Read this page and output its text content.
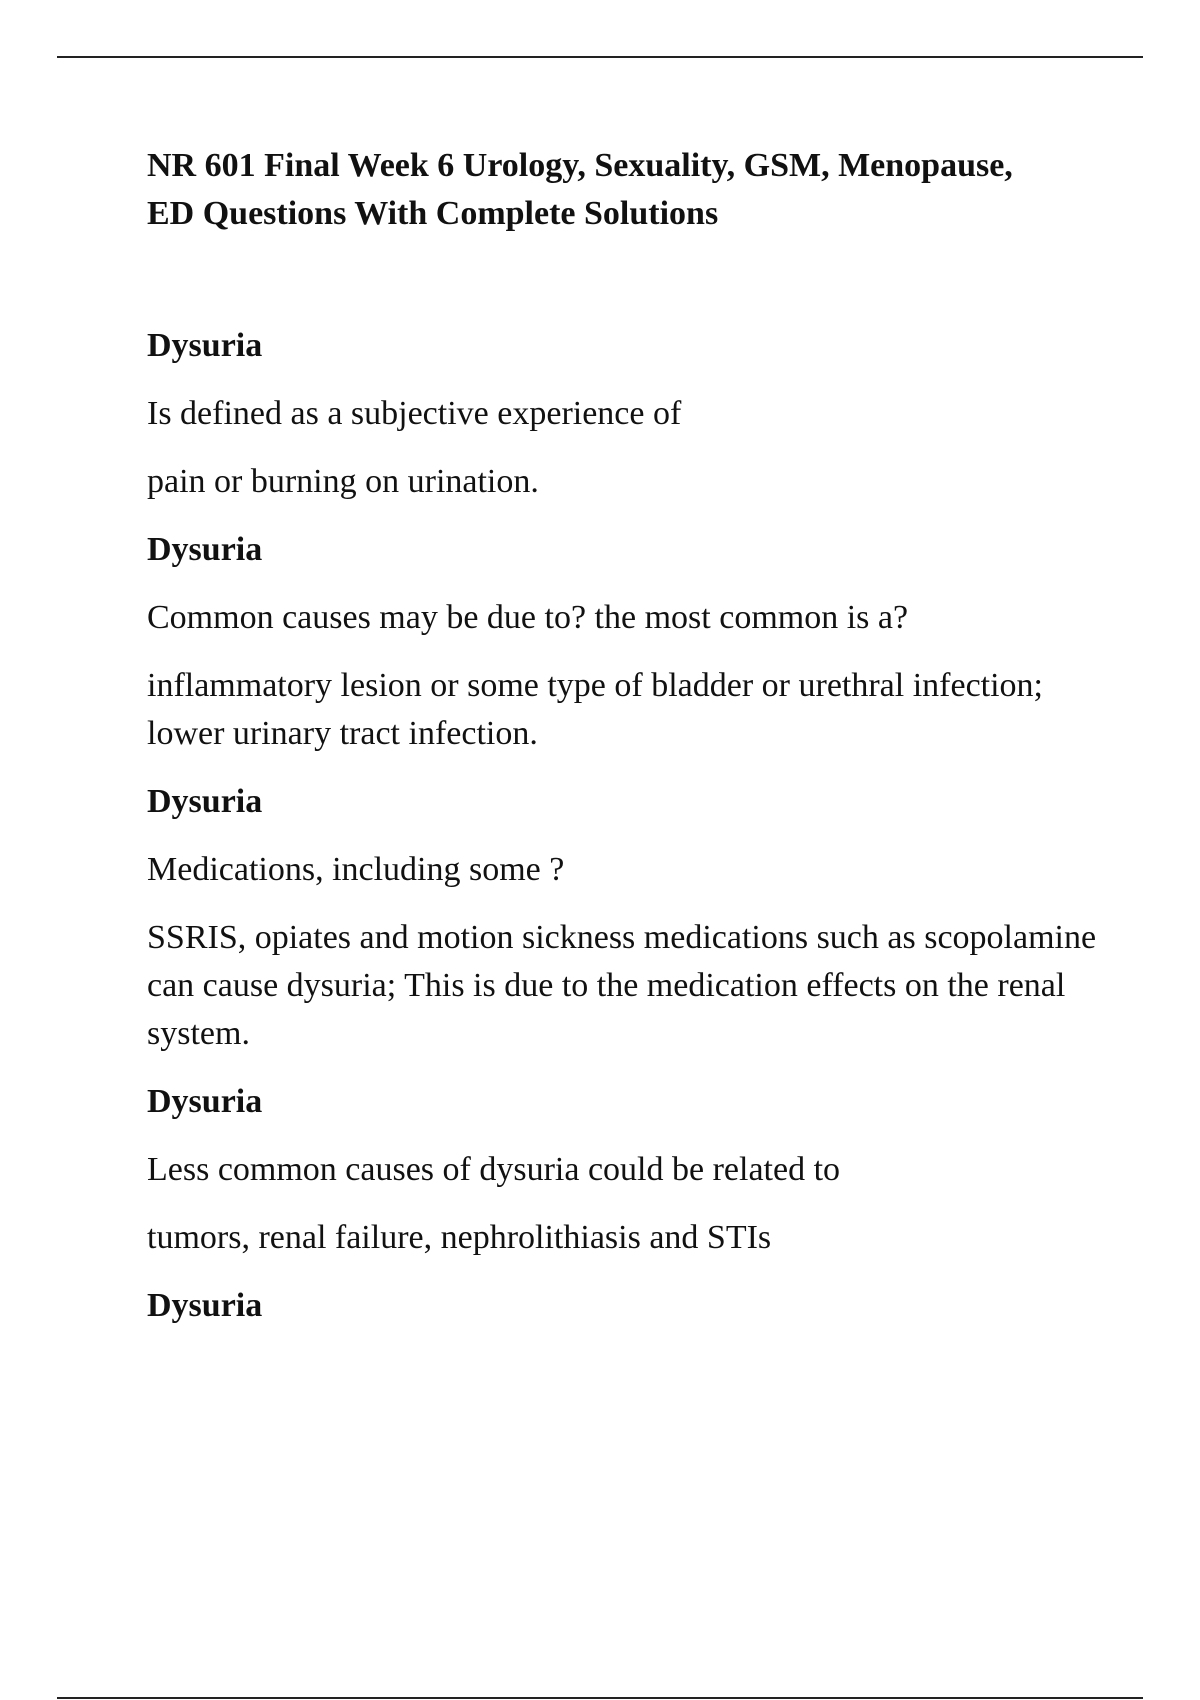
NR 601 Final Week 6 Urology, Sexuality, GSM, Menopause,
ED Questions With Complete Solutions

Dysuria

Is defined as a subjective experience of

pain or burning on urination.

Dysuria

Common causes may be due to? the most common is a?

inflammatory lesion or some type of bladder or urethral infection; lower urinary tract infection.

Dysuria

Medications, including some ?

SSRIS, opiates and motion sickness medications such as scopolamine can cause dysuria; This is due to the medication effects on the renal system.

Dysuria

Less common causes of dysuria could be related to

tumors, renal failure, nephrolithiasis and STIs

Dysuria
